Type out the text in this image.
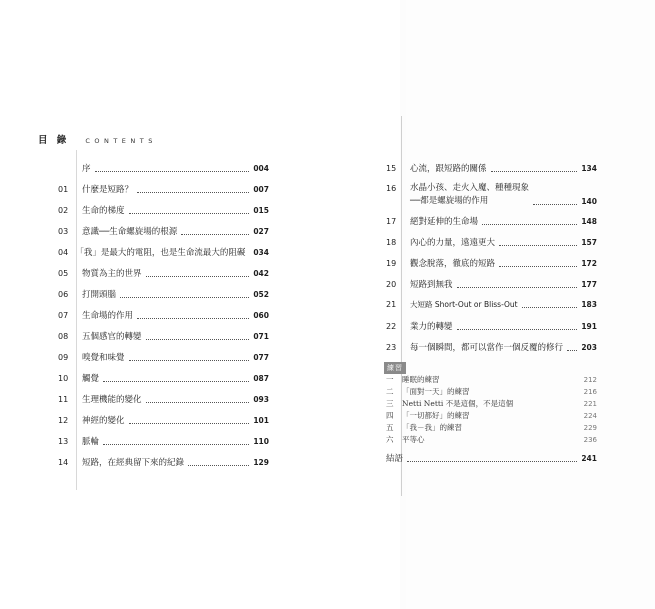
目 錄 CONTENTS
序	004
01	什麼是短路？	007
02	生命的梯度	015
03	意識──生命螺旋場的根源	027
04 「我」是最大的電阻，也是生命流最大的阻礙 034
05	物質為主的世界	042
06	打開頭腦	052
07	生命場的作用	060
08	五個感官的轉變	071
09	嗅覺和味覺	077
10	觸覺	087
11	生理機能的變化	093
12	神經的變化	101
13	脈輪	110
14	短路，在經典留下來的紀錄	129
15	心流，跟短路的關係	134
16	水晶小孩、走火入魔、種種現象
──都是螺旋場的作用	140
17	絕對延伸的生命場	148
18	內心的力量，遠遠更大	157
19	觀念脫落，徹底的短路	172
20	短路到無我	177
21	大短路 Short-Out or Bliss-Out	183
22	業力的轉變	191
23	每一個瞬間，都可以當作一個反覆的修行 203
練習
一	睡眠的練習	212
二	「面對一天」的練習	216
三	Netti Netti 不是這個，不是這個	221
四	「一切都好」的練習	224
五	「我－我」的練習	229
六	平等心	236
結語	241
